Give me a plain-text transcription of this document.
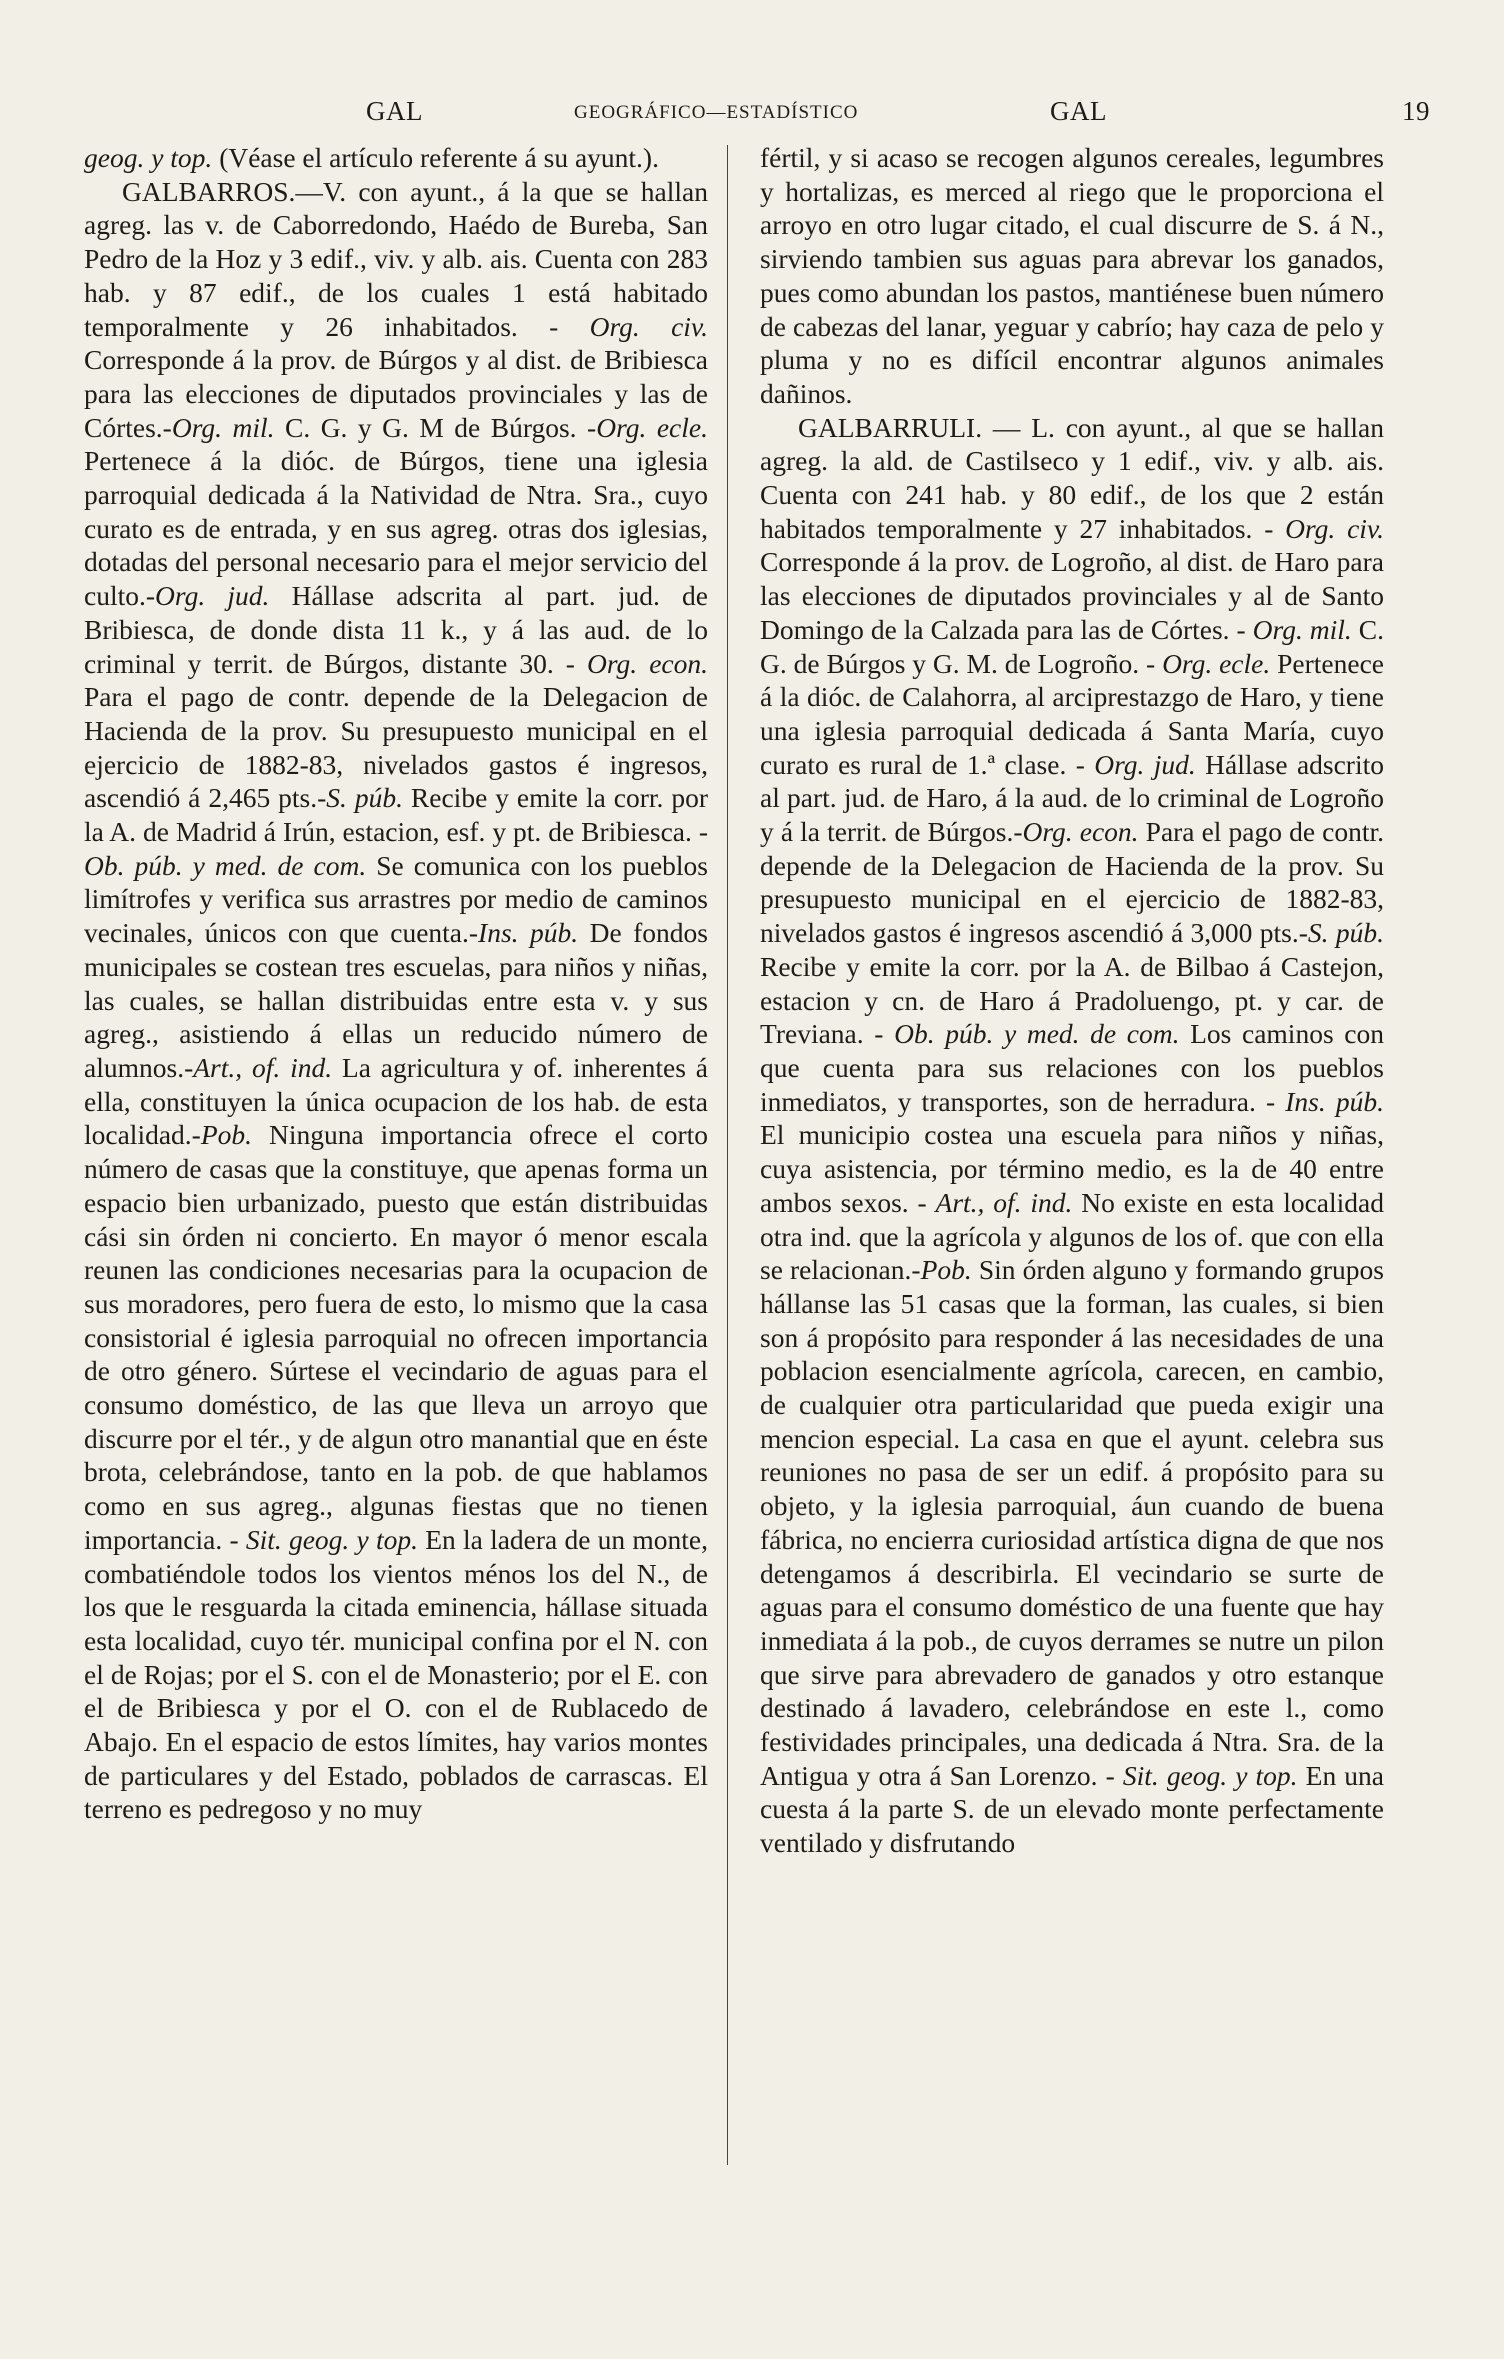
GAL	GEOGRÁFICO—ESTADÍSTICO	GAL	19

geog. y top. (Véase el artículo referente á su ayunt.).

GALBARROS.—V. con ayunt., á la que se hallan agreg. las v. de Caborredondo, Haédo de Bureba, San Pedro de la Hoz y 3 edif., viv. y alb. ais. Cuenta con 283 hab. y 87 edif., de los cuales 1 está habitado temporalmente y 26 inhabitados. - Org. civ. Corresponde á la prov. de Búrgos y al dist. de Bribiesca para las elecciones de diputados provinciales y las de Córtes.-Org. mil. C. G. y G. M de Búrgos. -Org. ecle. Pertenece á la dióc. de Búrgos, tiene una iglesia parroquial dedicada á la Natividad de Ntra. Sra., cuyo curato es de entrada, y en sus agreg. otras dos iglesias, dotadas del personal necesario para el mejor servicio del culto.-Org. jud. Hállase adscrita al part. jud. de Bribiesca, de donde dista 11 k., y á las aud. de lo criminal y territ. de Búrgos, distante 30. - Org. econ. Para el pago de contr. depende de la Delegacion de Hacienda de la prov. Su presupuesto municipal en el ejercicio de 1882-83, nivelados gastos é ingresos, ascendió á 2,465 pts.-S. púb. Recibe y emite la corr. por la A. de Madrid á Irún, estacion, esf. y pt. de Bribiesca. - Ob. púb. y med. de com. Se comunica con los pueblos limítrofes y verifica sus arrastres por medio de caminos vecinales, únicos con que cuenta.-Ins. púb. De fondos municipales se costean tres escuelas, para niños y niñas, las cuales, se hallan distribuidas entre esta v. y sus agreg., asistiendo á ellas un reducido número de alumnos.-Art., of. ind. La agricultura y of. inherentes á ella, constituyen la única ocupacion de los hab. de esta localidad.-Pob. Ninguna importancia ofrece el corto número de casas que la constituye, que apenas forma un espacio bien urbanizado, puesto que están distribuidas cási sin órden ni concierto. En mayor ó menor escala reunen las condiciones necesarias para la ocupacion de sus moradores, pero fuera de esto, lo mismo que la casa consistorial é iglesia parroquial no ofrecen importancia de otro género. Súrtese el vecindario de aguas para el consumo doméstico, de las que lleva un arroyo que discurre por el tér., y de algun otro manantial que en éste brota, celebrándose, tanto en la pob. de que hablamos como en sus agreg., algunas fiestas que no tienen importancia. - Sit. geog. y top. En la ladera de un monte, combatiéndole todos los vientos ménos los del N., de los que le resguarda la citada eminencia, hállase situada esta localidad, cuyo tér. municipal confina por el N. con el de Rojas; por el S. con el de Monasterio; por el E. con el de Bribiesca y por el O. con el de Rublacedo de Abajo. En el espacio de estos límites, hay varios montes de particulares y del Estado, poblados de carrascas. El terreno es pedregoso y no muy

fértil, y si acaso se recogen algunos cereales, legumbres y hortalizas, es merced al riego que le proporciona el arroyo en otro lugar citado, el cual discurre de S. á N., sirviendo tambien sus aguas para abrevar los ganados, pues como abundan los pastos, mantiénese buen número de cabezas del lanar, yeguar y cabrío; hay caza de pelo y pluma y no es difícil encontrar algunos animales dañinos.

GALBARRULI. — L. con ayunt., al que se hallan agreg. la ald. de Castilseco y 1 edif., viv. y alb. ais. Cuenta con 241 hab. y 80 edif., de los que 2 están habitados temporalmente y 27 inhabitados. - Org. civ. Corresponde á la prov. de Logroño, al dist. de Haro para las elecciones de diputados provinciales y al de Santo Domingo de la Calzada para las de Córtes. - Org. mil. C. G. de Búrgos y G. M. de Logroño. - Org. ecle. Pertenece á la dióc. de Calahorra, al arciprestazgo de Haro, y tiene una iglesia parroquial dedicada á Santa María, cuyo curato es rural de 1.ª clase. - Org. jud. Hállase adscrito al part. jud. de Haro, á la aud. de lo criminal de Logroño y á la territ. de Búrgos.-Org. econ. Para el pago de contr. depende de la Delegacion de Hacienda de la prov. Su presupuesto municipal en el ejercicio de 1882-83, nivelados gastos é ingresos ascendió á 3,000 pts.-S. púb. Recibe y emite la corr. por la A. de Bilbao á Castejon, estacion y cn. de Haro á Pradoluengo, pt. y car. de Treviana. - Ob. púb. y med. de com. Los caminos con que cuenta para sus relaciones con los pueblos inmediatos, y transportes, son de herradura. - Ins. púb. El municipio costea una escuela para niños y niñas, cuya asistencia, por término medio, es la de 40 entre ambos sexos. - Art., of. ind. No existe en esta localidad otra ind. que la agrícola y algunos de los of. que con ella se relacionan.-Pob. Sin órden alguno y formando grupos hállanse las 51 casas que la forman, las cuales, si bien son á propósito para responder á las necesidades de una poblacion esencialmente agrícola, carecen, en cambio, de cualquier otra particularidad que pueda exigir una mencion especial. La casa en que el ayunt. celebra sus reuniones no pasa de ser un edif. á propósito para su objeto, y la iglesia parroquial, áun cuando de buena fábrica, no encierra curiosidad artística digna de que nos detengamos á describirla. El vecindario se surte de aguas para el consumo doméstico de una fuente que hay inmediata á la pob., de cuyos derrames se nutre un pilon que sirve para abrevadero de ganados y otro estanque destinado á lavadero, celebrándose en este l., como festividades principales, una dedicada á Ntra. Sra. de la Antigua y otra á San Lorenzo. - Sit. geog. y top. En una cuesta á la parte S. de un elevado monte perfectamente ventilado y disfrutando
